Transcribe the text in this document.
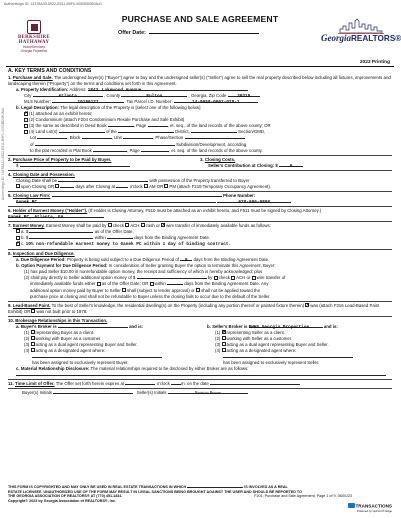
Authentisign ID: 14378A30-5922-E511-B9F0-0050BD0B0A41
Authentisign ID: 14378A30-5922-E511-B9F0-0050BD0B0A41
BERKSHIRE
HATHAWAY
HomeServices
Georgia Properties
PURCHASE AND SALE AGREEMENT
Offer Date:	GeorgiaREALTORS®
2023 Printing
A. KEY TERMS AND CONDITIONS

1. Purchase and Sale. The undersigned buyer(s) ("Buyer") agree to buy and the undersigned seller(s) ("Seller") agree to sell the real property described below including all fixtures, improvements and landscaping therein ("Property") on the terms and conditions set forth in this Agreement.

a. Property Identification: Address: 1843 Lakewood Avenue

City	Atlanta	, County	Fulton	, Georgia, Zip Code 30315

MLS Number:	10186127	Tax Parcel I.D. Number:	14-0058-0002-028-1

b. Legal Description: The legal description of the Property is [select one of the following below]

✕(1) attached as an exhibit hereto;

(2) Condominium (attach F204 Condominium Resale Purchase and Sale Exhibit)

(3) the same as described in Deed Book	, Page	, et. seq., of the land records of the above county; OR

(4) Land Lot(s)	of the	District,	Section/GMD,

Lot	, Block	, Unit	, Phase/Section

of	Subdivision/Development, according

to the plat recorded in Plat Book	, Page	, et. seq. of the land records of the above county.

2. Purchase Price of Property to be Paid by Buyer.

$

3. Closing Costs.

Seller's Contribution at Closing: $	0

4. Closing Date and Possession.

Closing Date shall be	with possession of the Property transferred to Buyer

upon Closing OR	days after Closing at	o'clock AM OR PM (attach F219 Temporary Occupancy Agreement).

5. Closing Law Firm:	Phone Number:

Ganek PC	678-606-9868

6. Holder of Earnest Money ("Holder"). (If Holder is Closing Attorney, F510 must be attached as an exhibit hereto, and F511 must be signed by Closing Attorney.) Ganek PC, Atlanta, GA

7. Earnest Money. Earnest Money shall be paid by check ACH cash or ✕ wire transfer of immediately available funds as follows:

a. $	as of the Offer Date.

b. $	within	days from the Binding Agreement Date.

✕c. 10% non-refundable earnest money to Ganek PC within 1 day of binding contract.

8. Inspection and Due Diligence.

a. Due Diligence Period: Property is being sold subject to a Due Diligence Period of 0 days from the Binding Agreement Date.

b. Option Payment for Due Diligence Period: In consideration of Seller granting Buyer the option to terminate this Agreement, Buyer:

(1) has paid Seller $10.00 in nonrefundable option money, the receipt and sufficiency of which is hereby acknowledged; plus

(2) shall pay directly to Seller additional option money of $	by check ACH or wire transfer of

immediately available funds either as of the Offer Date; OR within	days from the Binding Agreement Date. Any

additional option money paid by Buyer to Seller shall (subject to lender approval) or shall not be applied toward the

purchase price at closing and shall not be refundable to Buyer unless the closing fails to occur due to the default of the Seller.

9. Lead-Based Paint. To the best of Seller's knowledge, the residential dwelling(s) on the Property (including any portion thereof or painted fixture therein) ✕ was (attach F316 Lead-Based Paint Exhibit) OR was not built prior to 1978.

10. Brokerage Relationships in this Transaction.

a. Buyer's Broker is	and is:

(1) representing Buyer as a client.

(2) working with Buyer as a customer.

(3) acting as a dual agent representing Buyer and Seller.

(4) acting as a designated agent where:

has been assigned to exclusively represent Buyer.

b. Seller's Broker is BHHS Georgia Properties	and is:

(1) ✕ representing Seller as a client.

(2) working with Seller as a customer.

(3) acting as a dual agent representing Buyer and Seller.

(4) acting as a designated agent where:

has been assigned to exclusively represent Seller.

c. Material Relationship Disclosure: The material relationships required to be disclosed by either Broker are as follows:

11. Time Limit of Offer. The Offer set forth herein expires at	o'clock	m. on the date

Buyer(s) Initials	Seller(s) Initials	Patricia Brown

THIS FORM IS COPYRIGHTED AND MAY ONLY BE USED IN REAL ESTATE TRANSACTIONS IN WHICH	IS INVOLVED AS A REAL
ESTATE LICENSEE. UNAUTHORIZED USE OF THE FORM MAY RESULT IN LEGAL SANCTIONS BEING BROUGHT AGAINST THE USER AND SHOULD BE REPORTED TO
THE GEORGIA ASSOCIATION OF REALTORS® AT (770) 451-1831.
Copyright© 2023 by Georgia Association of REALTORS®, Inc.
F201, Purchase and Sale Agreement, Page 1 of 9, 08/01/23
TRANSACTIONS
Powered by zipForm® Edge
